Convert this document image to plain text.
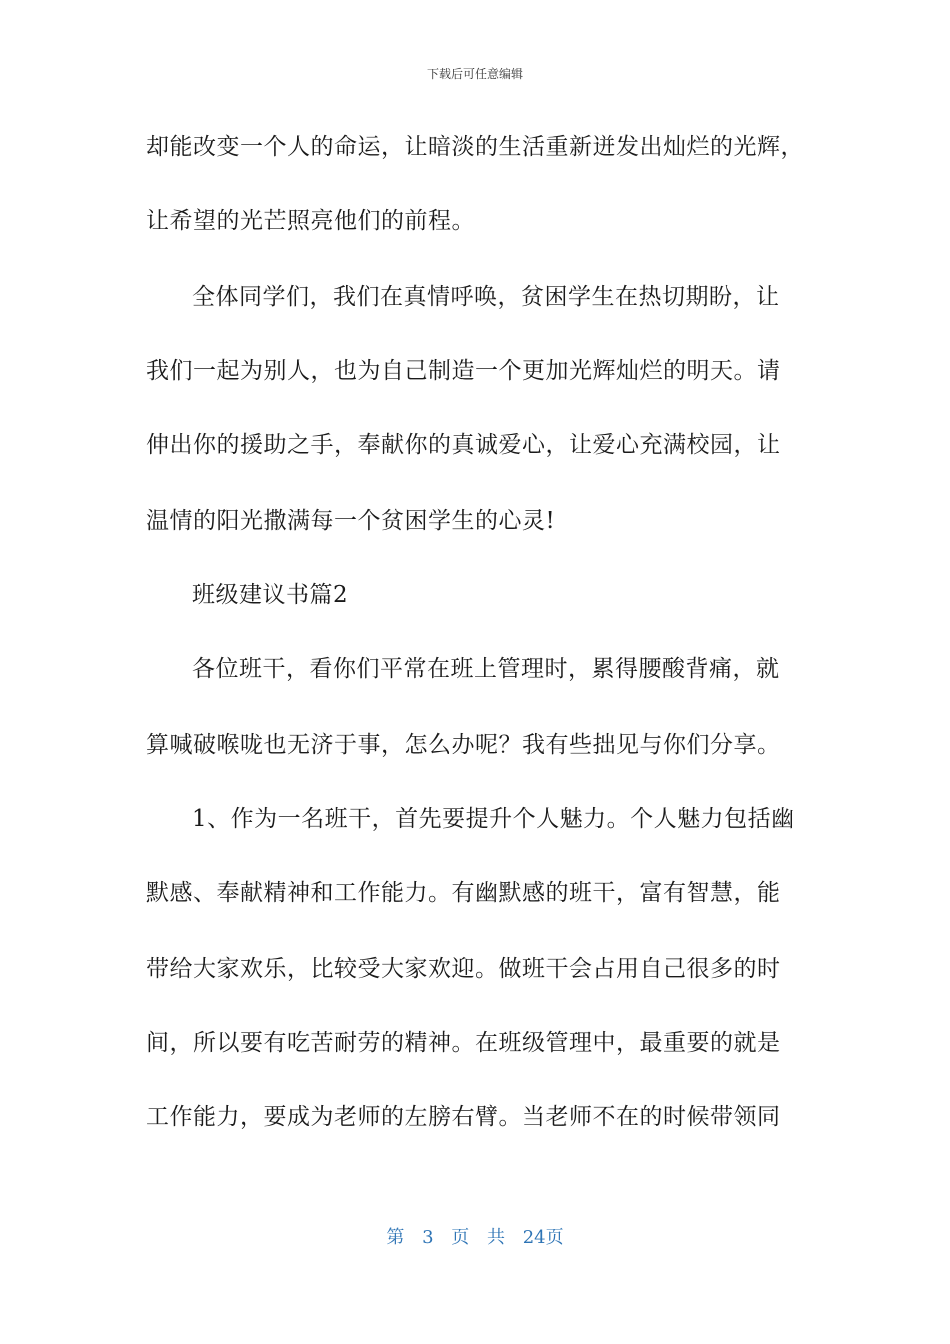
下载后可任意编辑
却能改变一个人的命运，让暗淡的生活重新迸发出灿烂的光辉，
让希望的光芒照亮他们的前程。
全体同学们，我们在真情呼唤，贫困学生在热切期盼，让
我们一起为别人，也为自己制造一个更加光辉灿烂的明天。请
伸出你的援助之手，奉献你的真诚爱心，让爱心充满校园，让
温情的阳光撒满每一个贫困学生的心灵!
班级建议书篇2
各位班干，看你们平常在班上管理时，累得腰酸背痛，就
算喊破喉咙也无济于事，怎么办呢？我有些拙见与你们分享。
1、作为一名班干，首先要提升个人魅力。个人魅力包括幽
默感、奉献精神和工作能力。有幽默感的班干，富有智慧，能
带给大家欢乐，比较受大家欢迎。做班干会占用自己很多的时
间，所以要有吃苦耐劳的精神。在班级管理中，最重要的就是
工作能力，要成为老师的左膀右臂。当老师不在的时候带领同
第 3 页 共 24页
